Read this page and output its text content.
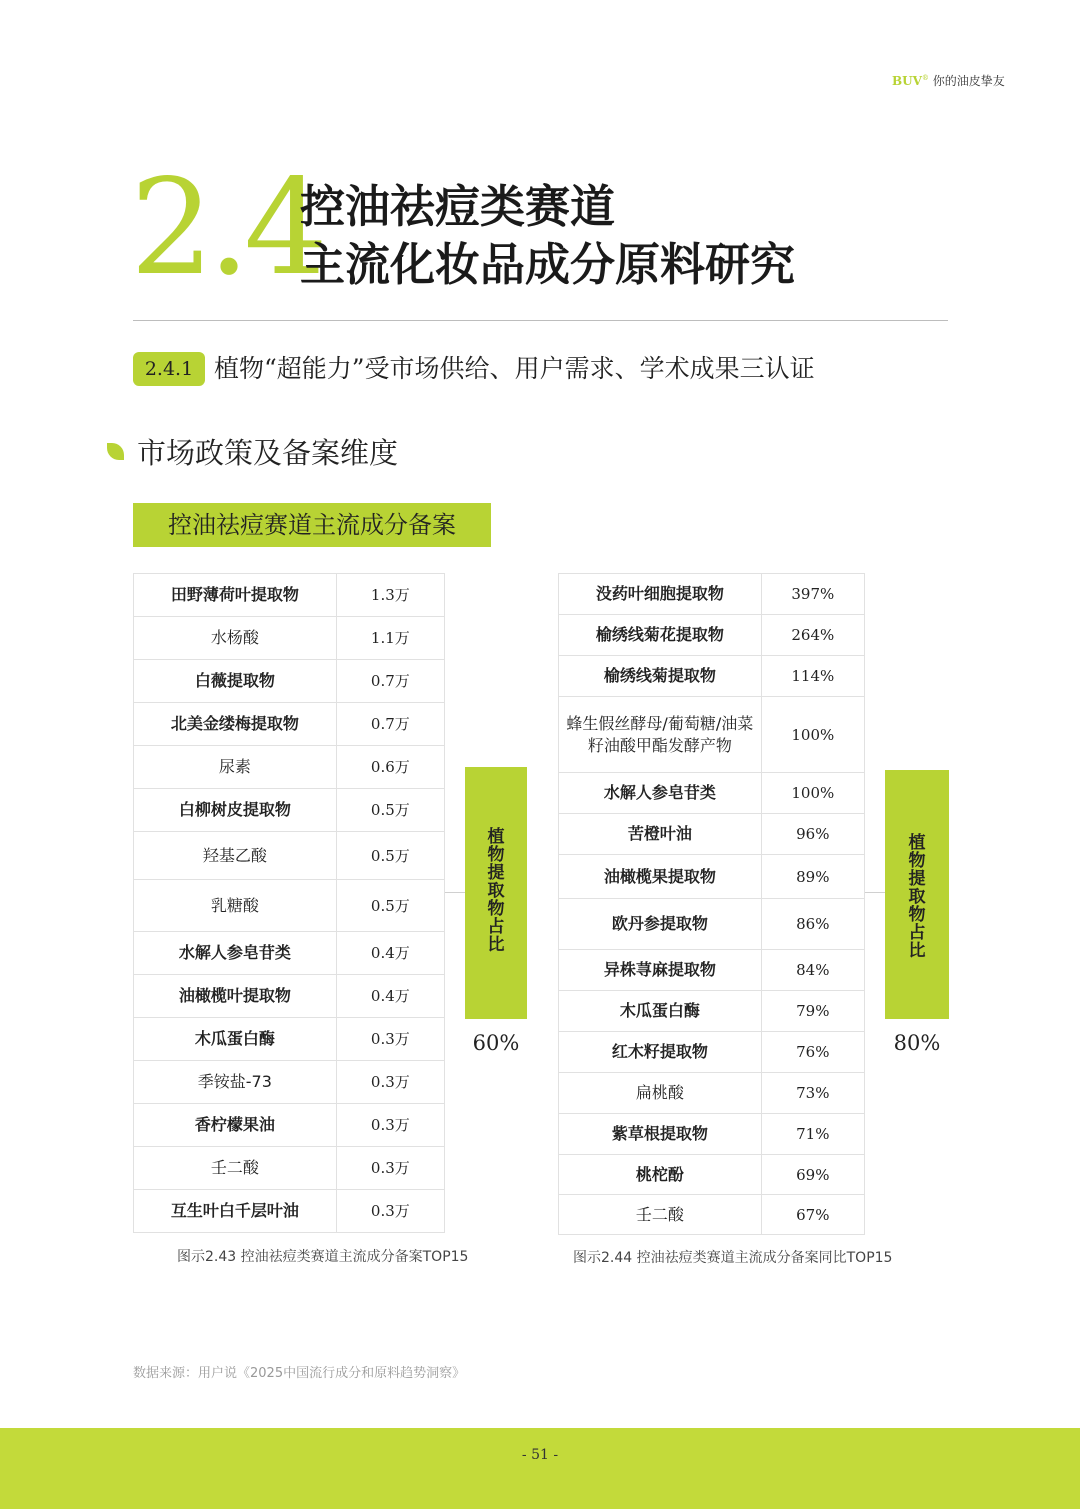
BUV® 你的油皮挚友
2.4
控油祛痘类赛道
主流化妆品成分原料研究
2.4.1 植物“超能力”受市场供给、用户需求、学术成果三认证
市场政策及备案维度
控油祛痘赛道主流成分备案
田野薄荷叶提取物	1.3万
水杨酸	1.1万
白薇提取物	0.7万
北美金缕梅提取物	0.7万
尿素	0.6万
白柳树皮提取物	0.5万
羟基乙酸	0.5万
乳糖酸	0.5万
水解人参皂苷类	0.4万
油橄榄叶提取物	0.4万
木瓜蛋白酶	0.3万
季铵盐-73	0.3万
香柠檬果油	0.3万
壬二酸	0.3万
互生叶白千层叶油	0.3万
植物提取物占比
60%
图示2.43 控油祛痘类赛道主流成分备案TOP15
没药叶细胞提取物	397%
榆绣线菊花提取物	264%
榆绣线菊提取物	114%
蜂生假丝酵母/葡萄糖/油菜籽油酸甲酯发酵产物	100%
水解人参皂苷类	100%
苦橙叶油	96%
油橄榄果提取物	89%
欧丹参提取物	86%
异株荨麻提取物	84%
木瓜蛋白酶	79%
红木籽提取物	76%
扁桃酸	73%
紫草根提取物	71%
桃柁酚	69%
壬二酸	67%
植物提取物占比
80%
图示2.44 控油祛痘类赛道主流成分备案同比TOP15
数据来源：用户说《2025中国流行成分和原料趋势洞察》
- 51 -
